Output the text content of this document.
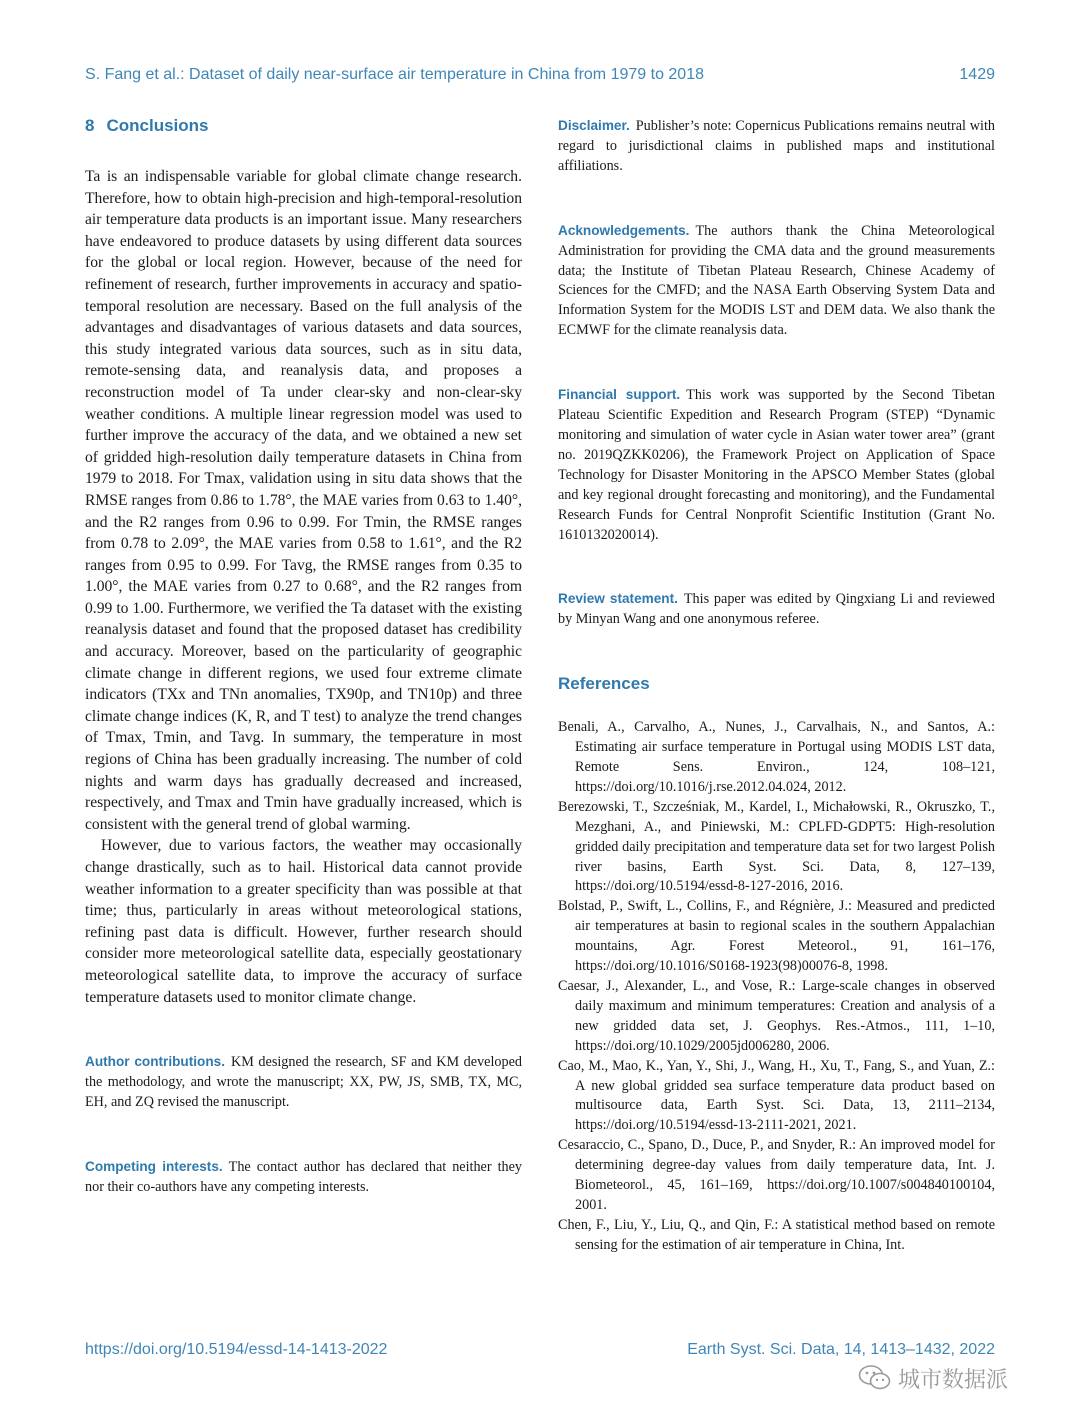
S. Fang et al.: Dataset of daily near-surface air temperature in China from 1979 to 2018	1429
8 Conclusions

Ta is an indispensable variable for global climate change research. Therefore, how to obtain high-precision and high-temporal-resolution air temperature data products is an important issue. Many researchers have endeavored to produce datasets by using different data sources for the global or local region. However, because of the need for refinement of research, further improvements in accuracy and spatio-temporal resolution are necessary. Based on the full analysis of the advantages and disadvantages of various datasets and data sources, this study integrated various data sources, such as in situ data, remote-sensing data, and reanalysis data, and proposes a reconstruction model of Ta under clear-sky and non-clear-sky weather conditions. A multiple linear regression model was used to further improve the accuracy of the data, and we obtained a new set of gridded high-resolution daily temperature datasets in China from 1979 to 2018. For Tmax, validation using in situ data shows that the RMSE ranges from 0.86 to 1.78°, the MAE varies from 0.63 to 1.40°, and the R2 ranges from 0.96 to 0.99. For Tmin, the RMSE ranges from 0.78 to 2.09°, the MAE varies from 0.58 to 1.61°, and the R2 ranges from 0.95 to 0.99. For Tavg, the RMSE ranges from 0.35 to 1.00°, the MAE varies from 0.27 to 0.68°, and the R2 ranges from 0.99 to 1.00. Furthermore, we verified the Ta dataset with the existing reanalysis dataset and found that the proposed dataset has credibility and accuracy. Moreover, based on the particularity of geographic climate change in different regions, we used four extreme climate indicators (TXx and TNn anomalies, TX90p, and TN10p) and three climate change indices (K, R, and T test) to analyze the trend changes of Tmax, Tmin, and Tavg. In summary, the temperature in most regions of China has been gradually increasing. The number of cold nights and warm days has gradually decreased and increased, respectively, and Tmax and Tmin have gradually increased, which is consistent with the general trend of global warming.

However, due to various factors, the weather may occasionally change drastically, such as to hail. Historical data cannot provide weather information to a greater specificity than was possible at that time; thus, particularly in areas without meteorological stations, refining past data is difficult. However, further research should consider more meteorological satellite data, especially geostationary meteorological satellite data, to improve the accuracy of surface temperature datasets used to monitor climate change.

Author contributions. KM designed the research, SF and KM developed the methodology, and wrote the manuscript; XX, PW, JS, SMB, TX, MC, EH, and ZQ revised the manuscript.

Competing interests. The contact author has declared that neither they nor their co-authors have any competing interests.

Disclaimer. Publisher’s note: Copernicus Publications remains neutral with regard to jurisdictional claims in published maps and institutional affiliations.

Acknowledgements. The authors thank the China Meteorological Administration for providing the CMA data and the ground measurements data; the Institute of Tibetan Plateau Research, Chinese Academy of Sciences for the CMFD; and the NASA Earth Observing System Data and Information System for the MODIS LST and DEM data. We also thank the ECMWF for the climate reanalysis data.

Financial support. This work was supported by the Second Tibetan Plateau Scientific Expedition and Research Program (STEP) “Dynamic monitoring and simulation of water cycle in Asian water tower area” (grant no. 2019QZKK0206), the Framework Project on Application of Space Technology for Disaster Monitoring in the APSCO Member States (global and key regional drought forecasting and monitoring), and the Fundamental Research Funds for Central Nonprofit Scientific Institution (Grant No. 1610132020014).

Review statement. This paper was edited by Qingxiang Li and reviewed by Minyan Wang and one anonymous referee.

References

Benali, A., Carvalho, A., Nunes, J., Carvalhais, N., and Santos, A.: Estimating air surface temperature in Portugal using MODIS LST data, Remote Sens. Environ., 124, 108–121, https://doi.org/10.1016/j.rse.2012.04.024, 2012.

Berezowski, T., Szcześniak, M., Kardel, I., Michałowski, R., Okruszko, T., Mezghani, A., and Piniewski, M.: CPLFD-GDPT5: High-resolution gridded daily precipitation and temperature data set for two largest Polish river basins, Earth Syst. Sci. Data, 8, 127–139, https://doi.org/10.5194/essd-8-127-2016, 2016.

Bolstad, P., Swift, L., Collins, F., and Régnière, J.: Measured and predicted air temperatures at basin to regional scales in the southern Appalachian mountains, Agr. Forest Meteorol., 91, 161–176, https://doi.org/10.1016/S0168-1923(98)00076-8, 1998.

Caesar, J., Alexander, L., and Vose, R.: Large-scale changes in observed daily maximum and minimum temperatures: Creation and analysis of a new gridded data set, J. Geophys. Res.-Atmos., 111, 1–10, https://doi.org/10.1029/2005jd006280, 2006.

Cao, M., Mao, K., Yan, Y., Shi, J., Wang, H., Xu, T., Fang, S., and Yuan, Z.: A new global gridded sea surface temperature data product based on multisource data, Earth Syst. Sci. Data, 13, 2111–2134, https://doi.org/10.5194/essd-13-2111-2021, 2021.

Cesaraccio, C., Spano, D., Duce, P., and Snyder, R.: An improved model for determining degree-day values from daily temperature data, Int. J. Biometeorol., 45, 161–169, https://doi.org/10.1007/s004840100104, 2001.

Chen, F., Liu, Y., Liu, Q., and Qin, F.: A statistical method based on remote sensing for the estimation of air temperature in China, Int.

https://doi.org/10.5194/essd-14-1413-2022	Earth Syst. Sci. Data, 14, 1413–1432, 2022
城市数据派
